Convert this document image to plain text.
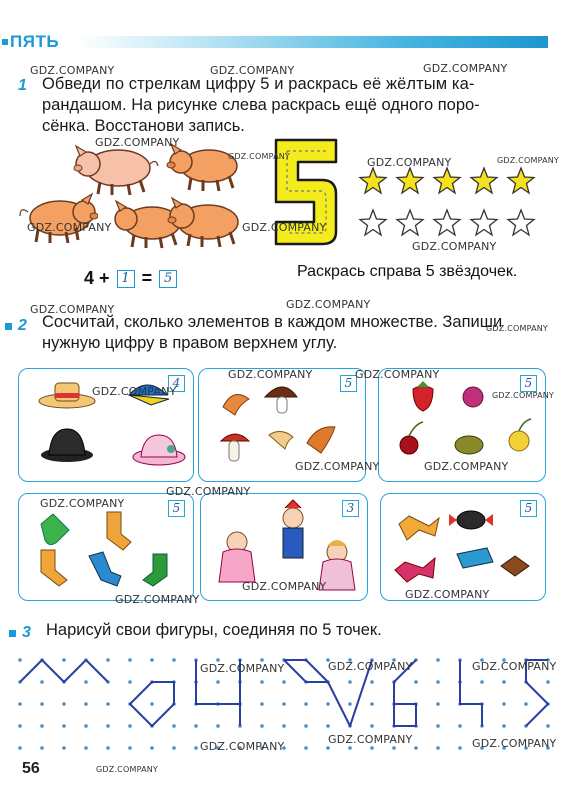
ПЯТЬ
1 Обведи по стрелкам цифру 5 и раскрась её жёлтым ка-
рандашом. На рисунке слева раскрась ещё одного поро-
сёнка. Восстанови запись.
4 + 1 = 5	Раскрась справа 5 звёздочек.
2 Сосчитай, сколько элементов в каждом множестве. Запиши
нужную цифру в правом верхнем углу.
4	5	5
5	3	5
3 Нарисуй свои фигуры, соединяя по 5 точек.
GDZ.COMPANY	GDZ.COMPANY	GDZ.COMPANY
GDZ.COMPANY
GDZ.COMPANY	GDZ.COMPANY	GDZ.COMPANY
GDZ.COMPANY	GDZ.COMPANY
GDZ.COMPANY
GDZ.COMPANY	GDZ.COMPANY
GDZ.COMPANY
GDZ.COMPANY	GDZ.COMPANY
GDZ.COMPANY	GDZ.COMPANY
GDZ.COMPANY	GDZ.COMPANY
GDZ.COMPANY
GDZ.COMPANY
GDZ.COMPANY
GDZ.COMPANY	GDZ.COMPANY
GDZ.COMPANY	GDZ.COMPANY	GDZ.COMPANY
GDZ.COMPANY
GDZ.COMPANY	GDZ.COMPANY
56	GDZ.COMPANY
